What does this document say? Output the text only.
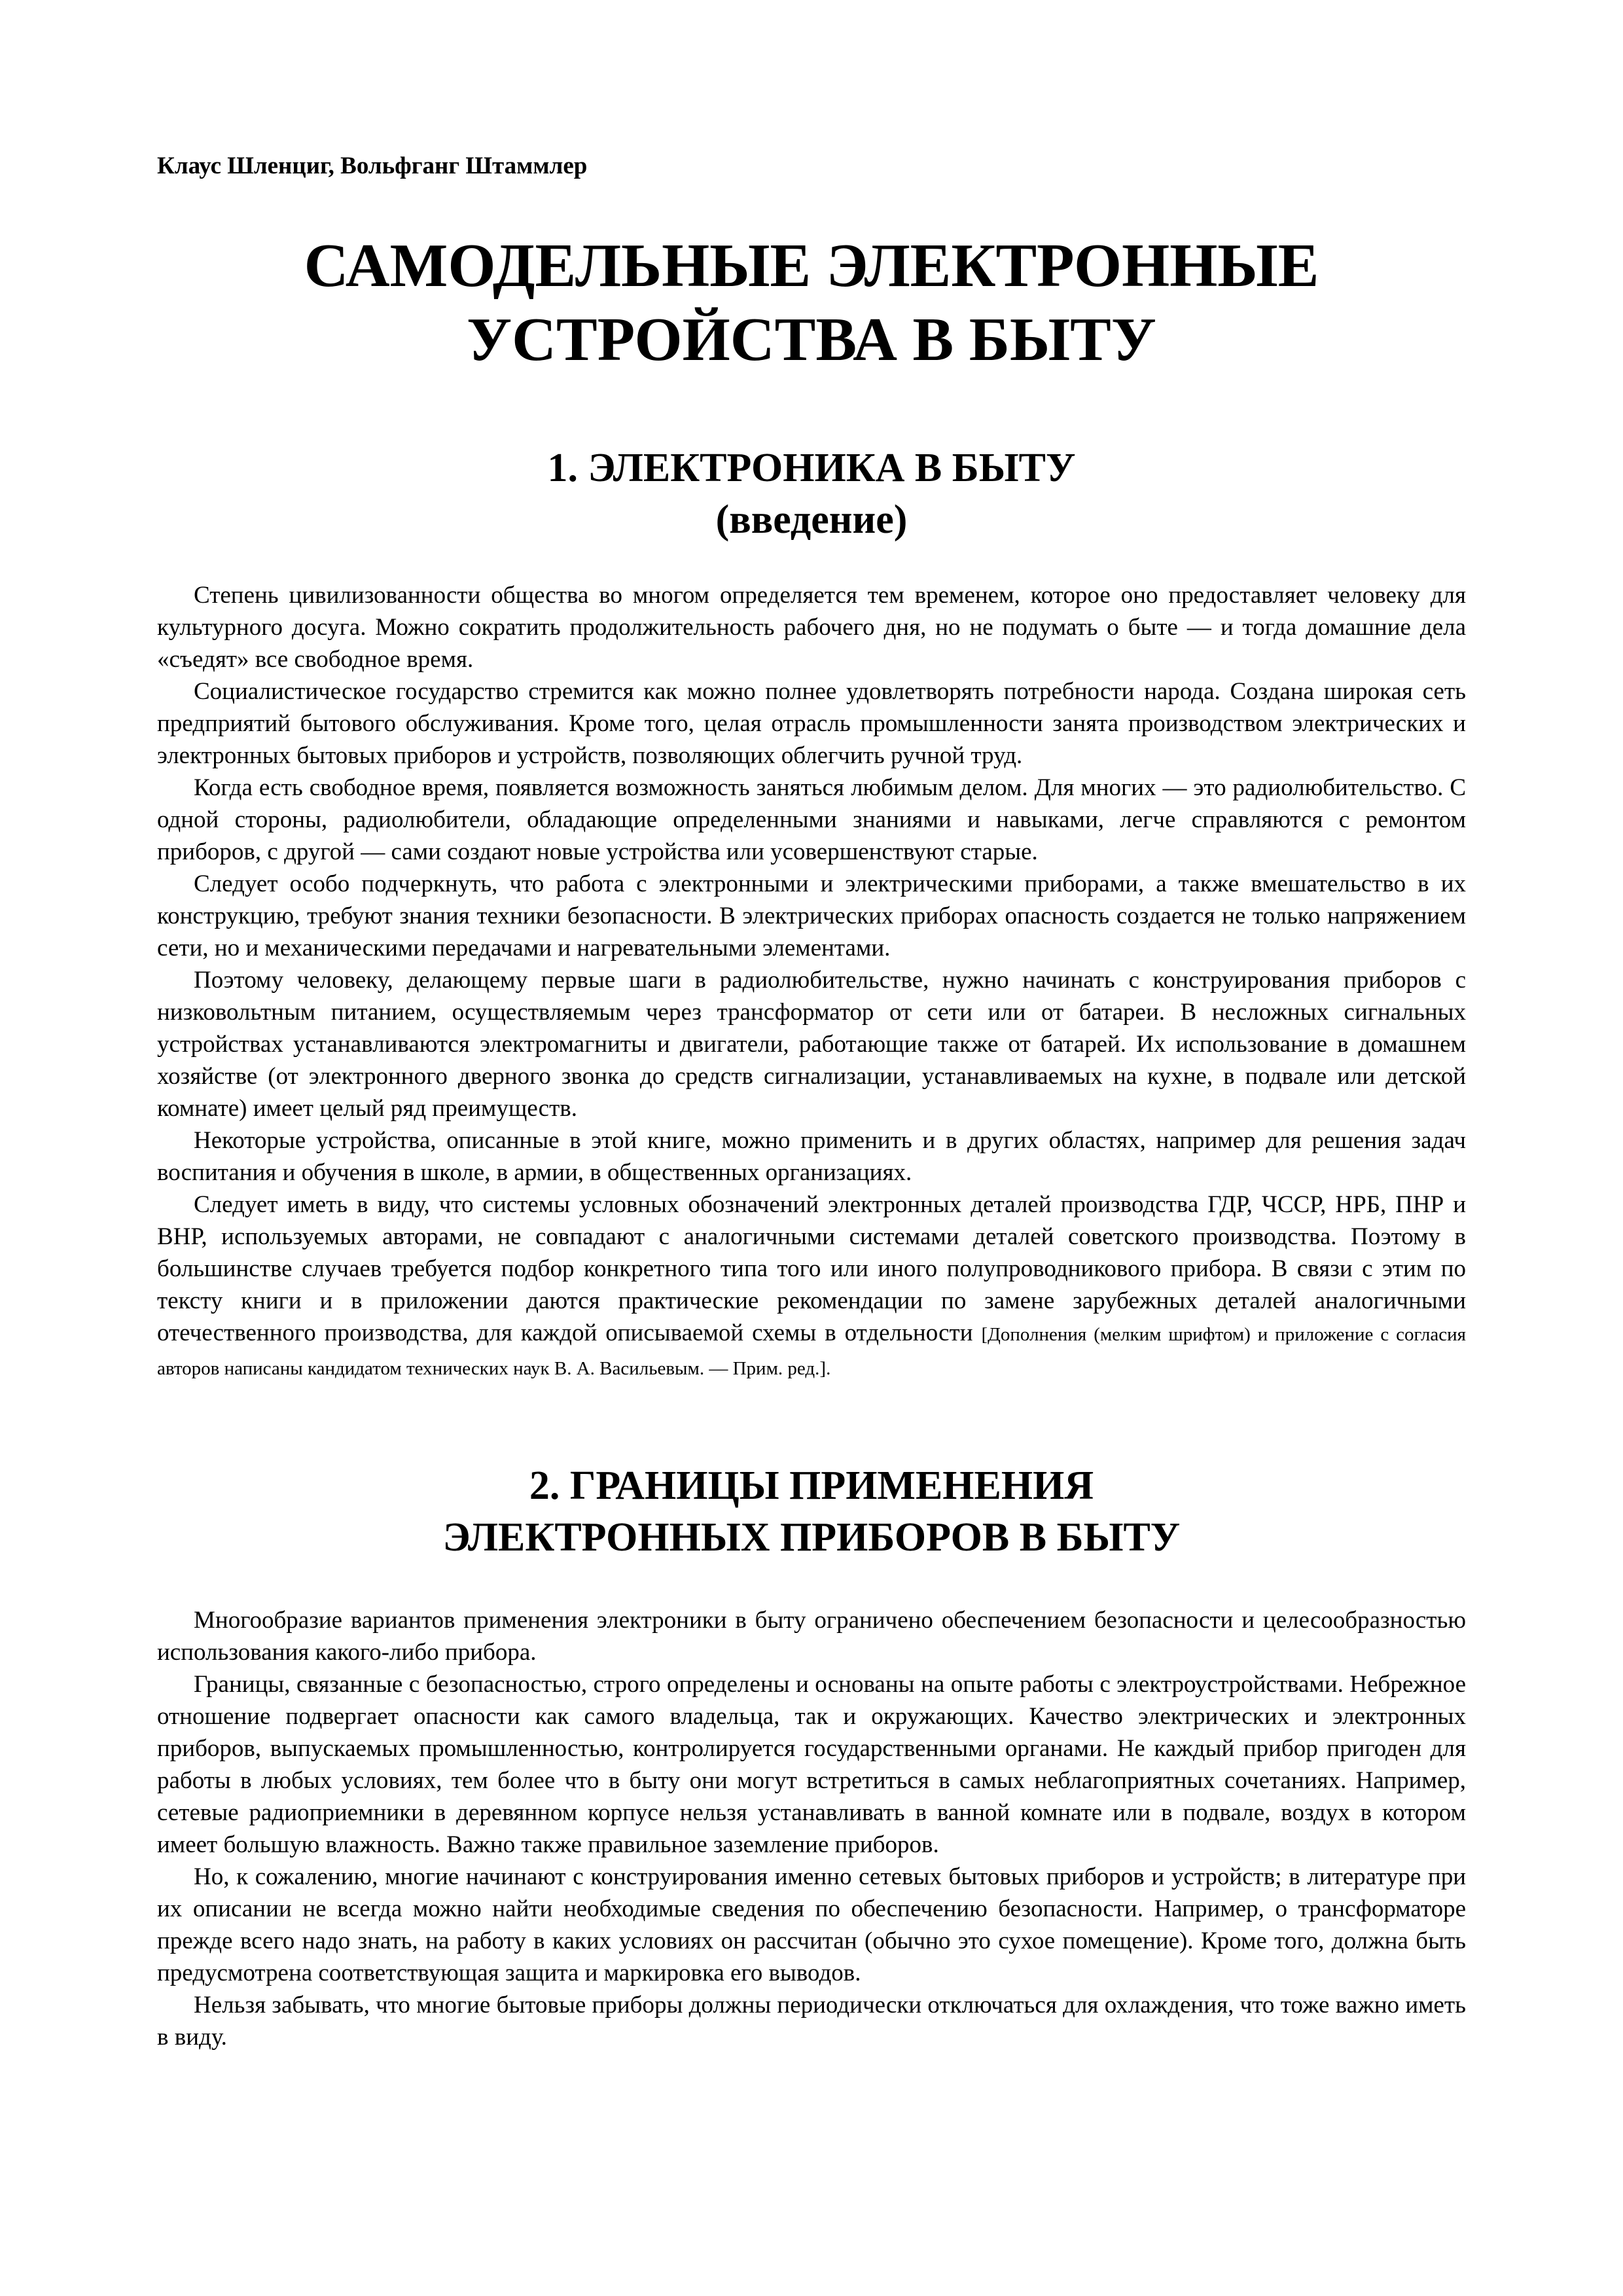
Клаус Шленциг, Вольфганг Штаммлер
САМОДЕЛЬНЫЕ ЭЛЕКТРОННЫЕ
УСТРОЙСТВА В БЫТУ
1. ЭЛЕКТРОНИКА В БЫТУ
(введение)

Степень цивилизованности общества во многом определяется тем временем, которое оно предоставляет человеку для культурного досуга. Можно сократить продолжительность рабочего дня, но не подумать о быте — и тогда домашние дела «съедят» все свободное время.

Социалистическое государство стремится как можно полнее удовлетворять потребности народа. Создана широкая сеть предприятий бытового обслуживания. Кроме того, целая отрасль промышленности занята производством электрических и электронных бытовых приборов и устройств, позволяющих облегчить ручной труд.

Когда есть свободное время, появляется возможность заняться любимым делом. Для многих — это радиолюбительство. С одной стороны, радиолюбители, обладающие определенными знаниями и навыками, легче справляются с ремонтом приборов, с другой — сами создают новые устройства или усовершенствуют старые.

Следует особо подчеркнуть, что работа с электронными и электрическими приборами, а также вмешательство в их конструкцию, требуют знания техники безопасности. В электрических приборах опасность создается не только напряжением сети, но и механическими передачами и нагревательными элементами.

Поэтому человеку, делающему первые шаги в радиолюбительстве, нужно начинать с конструирования приборов с низковольтным питанием, осуществляемым через трансформатор от сети или от батареи. В несложных сигнальных устройствах устанавливаются электромагниты и двигатели, работающие также от батарей. Их использование в домашнем хозяйстве (от электронного дверного звонка до средств сигнализации, устанавливаемых на кухне, в подвале или детской комнате) имеет целый ряд преимуществ.

Некоторые устройства, описанные в этой книге, можно применить и в других областях, например для решения задач воспитания и обучения в школе, в армии, в общественных организациях.

Следует иметь в виду, что системы условных обозначений электронных деталей производства ГДР, ЧССР, НРБ, ПНР и ВНР, используемых авторами, не совпадают с аналогичными системами деталей советского производства. Поэтому в большинстве случаев требуется подбор конкретного типа того или иного полупроводникового прибора. В связи с этим по тексту книги и в приложении даются практические рекомендации по замене зарубежных деталей аналогичными отечественного производства, для каждой описываемой схемы в отдельности [Дополнения (мелким шрифтом) и приложение с согласия авторов написаны кандидатом технических наук В. А. Васильевым. — Прим. ред.].

2. ГРАНИЦЫ ПРИМЕНЕНИЯ
ЭЛЕКТРОННЫХ ПРИБОРОВ В БЫТУ

Многообразие вариантов применения электроники в быту ограничено обеспечением безопасности и целесообразностью использования какого-либо прибора.

Границы, связанные с безопасностью, строго определены и основаны на опыте работы с электроустройствами. Небрежное отношение подвергает опасности как самого владельца, так и окружающих. Качество электрических и электронных приборов, выпускаемых промышленностью, контролируется государственными органами. Не каждый прибор пригоден для работы в любых условиях, тем более что в быту они могут встретиться в самых неблагоприятных сочетаниях. Например, сетевые радиоприемники в деревянном корпусе нельзя устанавливать в ванной комнате или в подвале, воздух в котором имеет большую влажность. Важно также правильное заземление приборов.

Но, к сожалению, многие начинают с конструирования именно сетевых бытовых приборов и устройств; в литературе при их описании не всегда можно найти необходимые сведения по обеспечению безопасности. Например, о трансформаторе прежде всего надо знать, на работу в каких условиях он рассчитан (обычно это сухое помещение). Кроме того, должна быть предусмотрена соответствующая защита и маркировка его выводов.

Нельзя забывать, что многие бытовые приборы должны периодически отключаться для охлаждения, что тоже важно иметь в виду.
